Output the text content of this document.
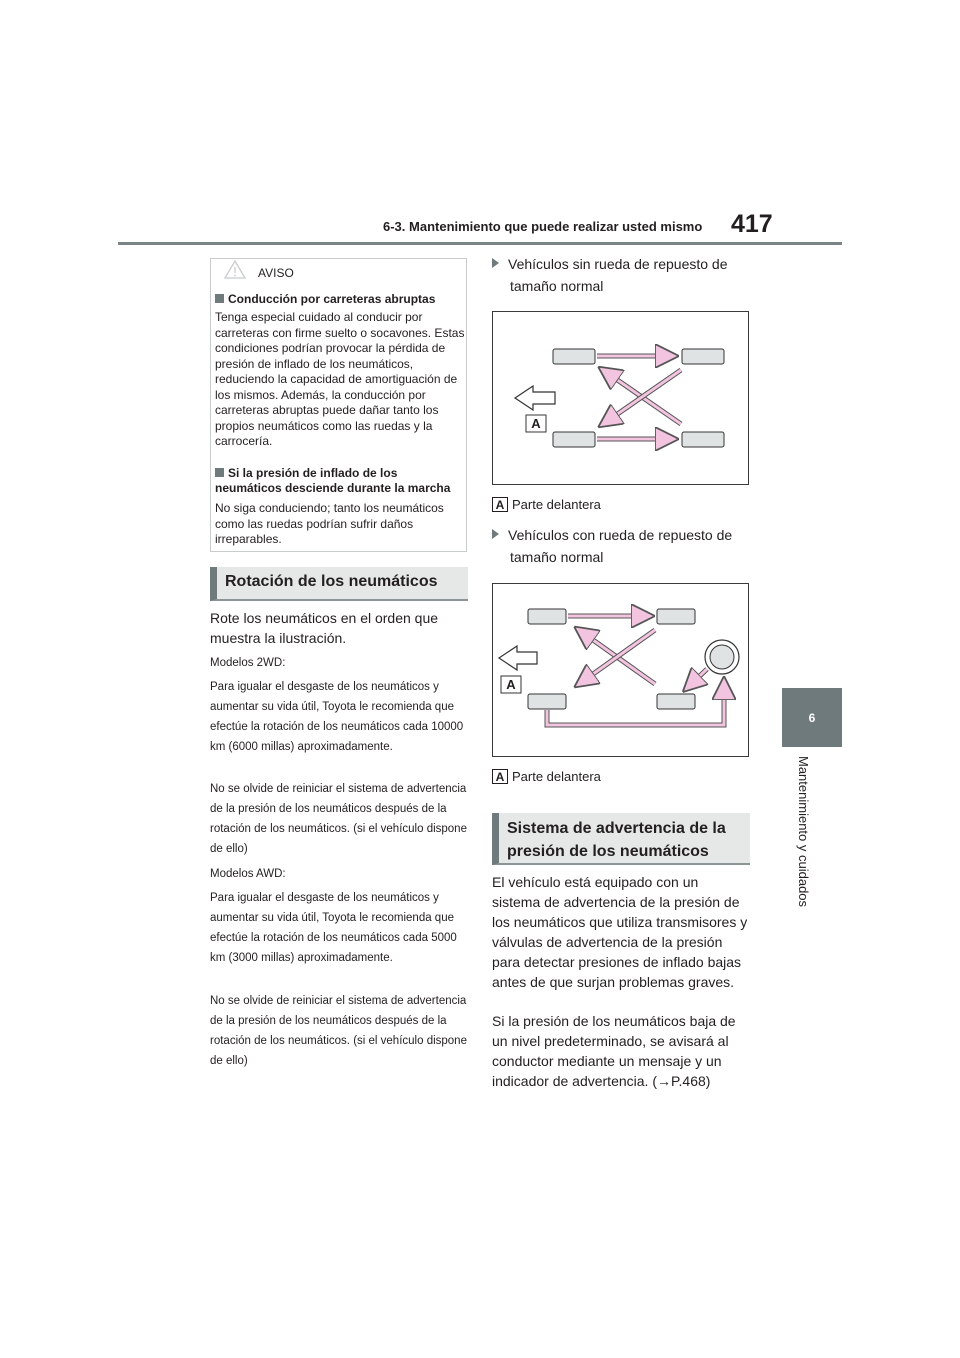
6-3. Mantenimiento que puede realizar usted mismo 417
6
Mantenimiento y cuidados
AVISO
Conducción por carreteras abruptas
Tenga especial cuidado al conducir por carreteras con firme suelto o socavones. Estas condiciones podrían provocar la pérdida de presión de inflado de los neumáticos, reduciendo la capacidad de amortiguación de los mismos. Además, la conducción por carreteras abruptas puede dañar tanto los propios neumáticos como las ruedas y la carrocería.
Si la presión de inflado de los neumáticos desciende durante la marcha
No siga conduciendo; tanto los neumáticos como las ruedas podrían sufrir daños irreparables.
Rotación de los neumáticos
Rote los neumáticos en el orden que muestra la ilustración.
Modelos 2WD:
Para igualar el desgaste de los neumáticos y aumentar su vida útil, Toyota le recomienda que efectúe la rotación de los neumáticos cada 10000 km (6000 millas) aproximadamente.
No se olvide de reiniciar el sistema de advertencia de la presión de los neumáticos después de la rotación de los neumáticos. (si el vehículo dispone de ello)
Modelos AWD:
Para igualar el desgaste de los neumáticos y aumentar su vida útil, Toyota le recomienda que efectúe la rotación de los neumáticos cada 5000 km (3000 millas) aproximadamente.
No se olvide de reiniciar el sistema de advertencia de la presión de los neumáticos después de la rotación de los neumáticos. (si el vehículo dispone de ello)
Vehículos sin rueda de repuesto de tamaño normal
A
A Parte delantera
Vehículos con rueda de repuesto de tamaño normal
A
A Parte delantera
Sistema de advertencia de la presión de los neumáticos
El vehículo está equipado con un sistema de advertencia de la presión de los neumáticos que utiliza transmisores y válvulas de advertencia de la presión para detectar presiones de inflado bajas antes de que surjan problemas graves.
Si la presión de los neumáticos baja de un nivel predeterminado, se avisará al conductor mediante un mensaje y un indicador de advertencia. (→P.468)
